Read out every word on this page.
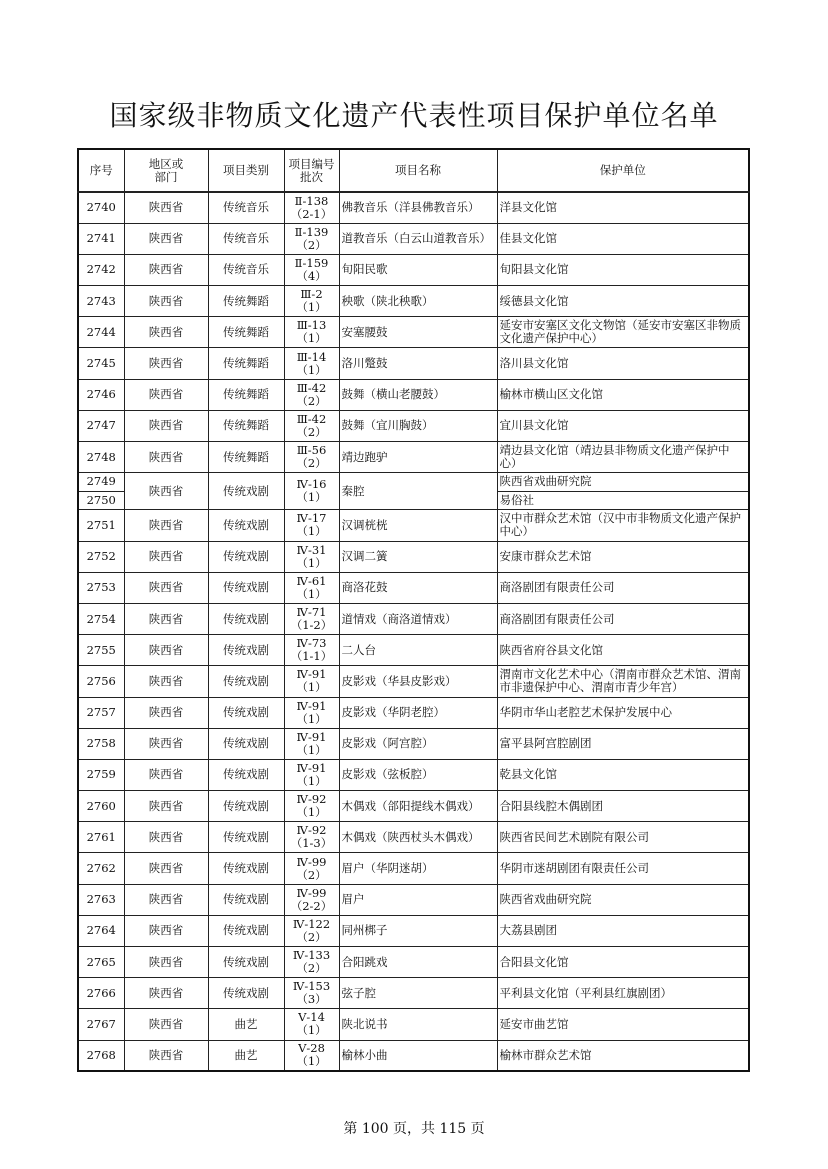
国家级非物质文化遗产代表性项目保护单位名单
序号	地区或
部门	项目类别	项目编号
批次	项目名称	保护单位
2740	陕西省	传统音乐	Ⅱ-138
（2-1）	佛教音乐（洋县佛教音乐）	洋县文化馆
2741	陕西省	传统音乐	Ⅱ-139
（2）	道教音乐（白云山道教音乐）	佳县文化馆
2742	陕西省	传统音乐	Ⅱ-159
（4）	旬阳民歌	旬阳县文化馆
2743	陕西省	传统舞蹈	Ⅲ-2
（1）	秧歌（陕北秧歌）	绥德县文化馆
2744	陕西省	传统舞蹈	Ⅲ-13
（1）	安塞腰鼓	延安市安塞区文化文物馆（延安市安塞区非物质文化遗产保护中心）
2745	陕西省	传统舞蹈	Ⅲ-14
（1）	洛川蹩鼓	洛川县文化馆
2746	陕西省	传统舞蹈	Ⅲ-42
（2）	鼓舞（横山老腰鼓）	榆林市横山区文化馆
2747	陕西省	传统舞蹈	Ⅲ-42
（2）	鼓舞（宜川胸鼓）	宜川县文化馆
2748	陕西省	传统舞蹈	Ⅲ-56
（2）	靖边跑驴	靖边县文化馆（靖边县非物质文化遗产保护中心）
2749	陕西省	传统戏剧	Ⅳ-16
（1）	秦腔	陕西省戏曲研究院
2750					易俗社
2751	陕西省	传统戏剧	Ⅳ-17
（1）	汉调桄桄	汉中市群众艺术馆（汉中市非物质文化遗产保护中心）
2752	陕西省	传统戏剧	Ⅳ-31
（1）	汉调二簧	安康市群众艺术馆
2753	陕西省	传统戏剧	Ⅳ-61
（1）	商洛花鼓	商洛剧团有限责任公司
2754	陕西省	传统戏剧	Ⅳ-71
（1-2）	道情戏（商洛道情戏）	商洛剧团有限责任公司
2755	陕西省	传统戏剧	Ⅳ-73
（1-1）	二人台	陕西省府谷县文化馆
2756	陕西省	传统戏剧	Ⅳ-91
（1）	皮影戏（华县皮影戏）	渭南市文化艺术中心（渭南市群众艺术馆、渭南市非遗保护中心、渭南市青少年宫）
2757	陕西省	传统戏剧	Ⅳ-91
（1）	皮影戏（华阴老腔）	华阴市华山老腔艺术保护发展中心
2758	陕西省	传统戏剧	Ⅳ-91
（1）	皮影戏（阿宫腔）	富平县阿宫腔剧团
2759	陕西省	传统戏剧	Ⅳ-91
（1）	皮影戏（弦板腔）	乾县文化馆
2760	陕西省	传统戏剧	Ⅳ-92
（1）	木偶戏（郃阳提线木偶戏）	合阳县线腔木偶剧团
2761	陕西省	传统戏剧	Ⅳ-92
（1-3）	木偶戏（陕西杖头木偶戏）	陕西省民间艺术剧院有限公司
2762	陕西省	传统戏剧	Ⅳ-99
（2）	眉户（华阴迷胡）	华阴市迷胡剧团有限责任公司
2763	陕西省	传统戏剧	Ⅳ-99
（2-2）	眉户	陕西省戏曲研究院
2764	陕西省	传统戏剧	Ⅳ-122
（2）	同州梆子	大荔县剧团
2765	陕西省	传统戏剧	Ⅳ-133
（2）	合阳跳戏	合阳县文化馆
2766	陕西省	传统戏剧	Ⅳ-153
（3）	弦子腔	平利县文化馆（平利县红旗剧团）
2767	陕西省	曲艺	Ⅴ-14
（1）	陕北说书	延安市曲艺馆
2768	陕西省	曲艺	Ⅴ-28
（1）	榆林小曲	榆林市群众艺术馆
第 100 页，共 115 页
